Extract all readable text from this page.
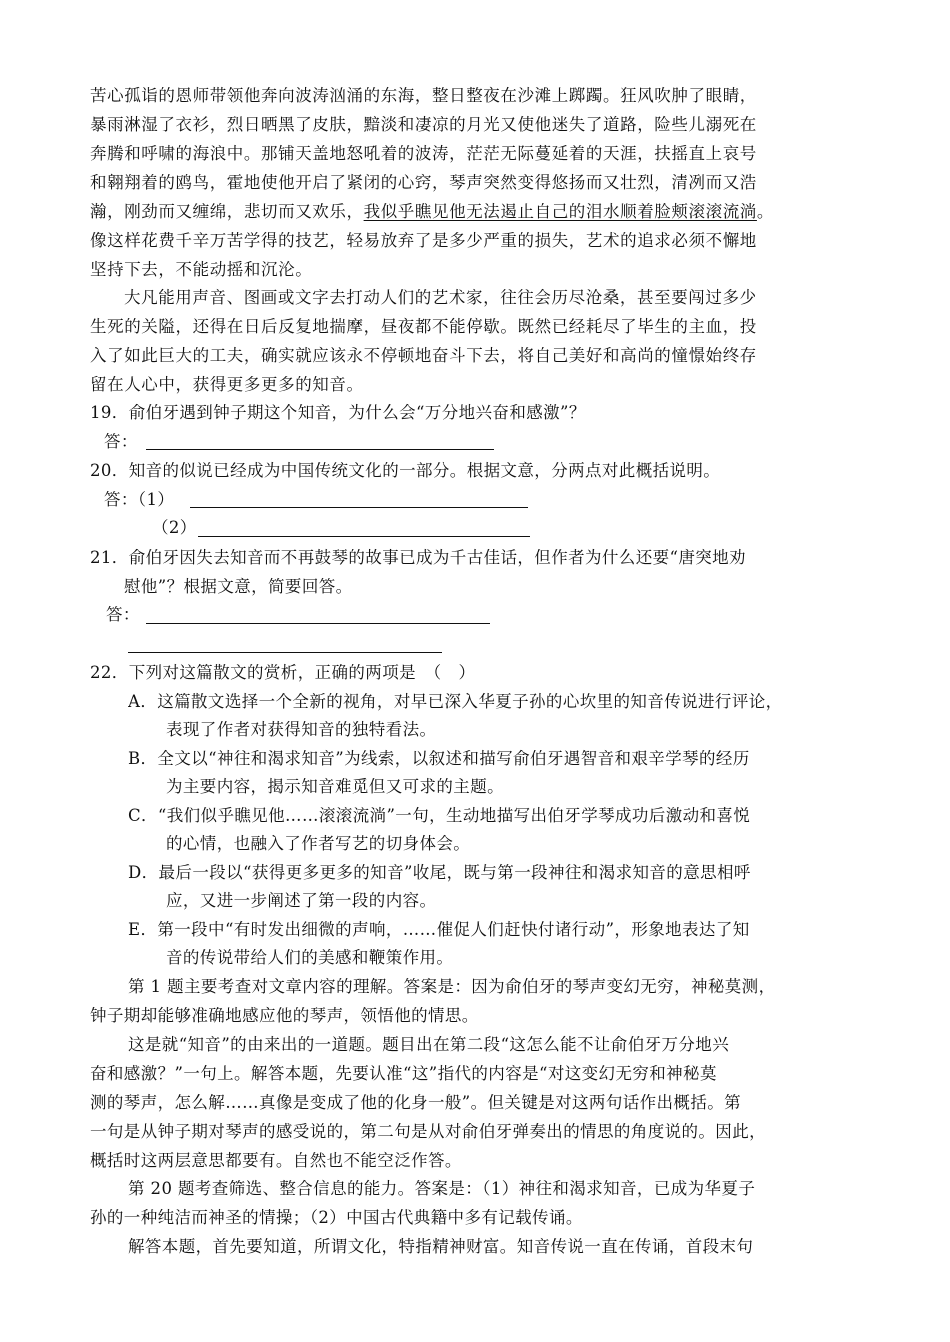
苦心孤诣的恩师带领他奔向波涛汹涌的东海，整日整夜在沙滩上踯躅。狂风吹肿了眼睛，
暴雨淋湿了衣衫，烈日晒黑了皮肤，黯淡和凄凉的月光又使他迷失了道路，险些儿溺死在
奔腾和呼啸的海浪中。那铺天盖地怒吼着的波涛，茫茫无际蔓延着的天涯，扶摇直上哀号
和翱翔着的鸥鸟，霍地使他开启了紧闭的心窍，琴声突然变得悠扬而又壮烈，清冽而又浩
瀚，刚劲而又缠绵，悲切而又欢乐，我似乎瞧见他无法遏止自己的泪水顺着脸颊滚滚流淌。
像这样花费千辛万苦学得的技艺，轻易放弃了是多少严重的损失，艺术的追求必须不懈地
坚持下去，不能动摇和沉沦。
大凡能用声音、图画或文字去打动人们的艺术家，往往会历尽沧桑，甚至要闯过多少
生死的关隘，还得在日后反复地揣摩，昼夜都不能停歇。既然已经耗尽了毕生的主血，投
入了如此巨大的工夫，确实就应该永不停顿地奋斗下去，将自己美好和高尚的憧憬始终存
留在人心中，获得更多更多的知音。
19．俞伯牙遇到钟子期这个知音，为什么会“万分地兴奋和感激”？
答：
20．知音的似说已经成为中国传统文化的一部分。根据文意，分两点对此概括说明。
答：（1）
（2）
21．俞伯牙因失去知音而不再鼓琴的故事已成为千古佳话，但作者为什么还要“唐突地劝
慰他”？根据文意，简要回答。
答：
22．下列对这篇散文的赏析，正确的两项是　（　）
A．这篇散文选择一个全新的视角，对早已深入华夏子孙的心坎里的知音传说进行评论，
表现了作者对获得知音的独特看法。
B．全文以“神往和渴求知音”为线索，以叙述和描写俞伯牙遇智音和艰辛学琴的经历
为主要内容，揭示知音难觅但又可求的主题。
C．“我们似乎瞧见他……滚滚流淌”一句，生动地描写出伯牙学琴成功后激动和喜悦
的心情，也融入了作者写艺的切身体会。
D．最后一段以“获得更多更多的知音”收尾，既与第一段神往和渴求知音的意思相呼
应，又进一步阐述了第一段的内容。
E．第一段中“有时发出细微的声响，……催促人们赶快付诸行动”，形象地表达了知
音的传说带给人们的美感和鞭策作用。
第 1 题主要考查对文章内容的理解。答案是：因为俞伯牙的琴声变幻无穷，神秘莫测，
钟子期却能够准确地感应他的琴声，领悟他的情思。
这是就“知音”的由来出的一道题。题目出在第二段“这怎么能不让俞伯牙万分地兴
奋和感激？”一句上。解答本题，先要认准“这”指代的内容是“对这变幻无穷和神秘莫
测的琴声，怎么解……真像是变成了他的化身一般”。但关键是对这两句话作出概括。第
一句是从钟子期对琴声的感受说的，第二句是从对俞伯牙弹奏出的情思的角度说的。因此，
概括时这两层意思都要有。自然也不能空泛作答。
第 20 题考查筛选、整合信息的能力。答案是：（1）神往和渴求知音，已成为华夏子
孙的一种纯洁而神圣的情操；（2）中国古代典籍中多有记载传诵。
解答本题，首先要知道，所谓文化，特指精神财富。知音传说一直在传诵，首段末句
